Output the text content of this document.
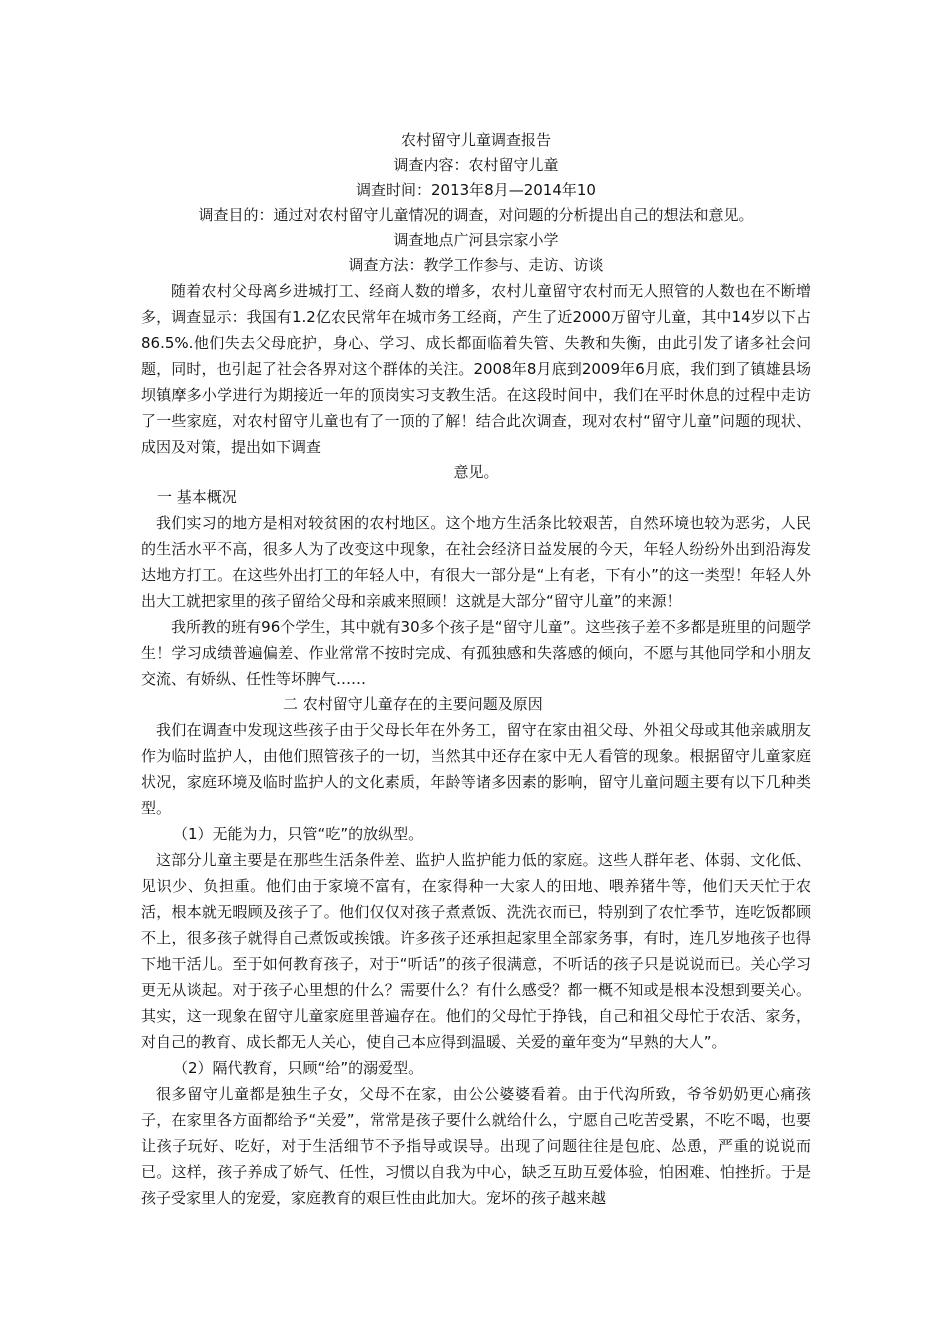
农村留守儿童调查报告
调查内容：农村留守儿童
调查时间：2013年8月—2014年10
调查目的：通过对农村留守儿童情况的调查，对问题的分析提出自己的想法和意见。
调查地点广河县宗家小学
调查方法：教学工作参与、走访、访谈

随着农村父母离乡进城打工、经商人数的增多，农村儿童留守农村而无人照管的人数也在不断增多，调查显示：我国有1.2亿农民常年在城市务工经商，产生了近2000万留守儿童，其中14岁以下占86.5%.他们失去父母庇护，身心、学习、成长都面临着失管、失教和失衡，由此引发了诸多社会问题，同时，也引起了社会各界对这个群体的关注。2008年8月底到2009年6月底，我们到了镇雄县场坝镇摩多小学进行为期接近一年的顶岗实习支教生活。在这段时间中，我们在平时休息的过程中走访了一些家庭，对农村留守儿童也有了一顶的了解！结合此次调查，现对农村“留守儿童”问题的现状、成因及对策，提出如下调查

意见。
一 基本概况

我们实习的地方是相对较贫困的农村地区。这个地方生活条比较艰苦，自然环境也较为恶劣，人民的生活水平不高，很多人为了改变这中现象，在社会经济日益发展的今天，年轻人纷纷外出到沿海发达地方打工。在这些外出打工的年轻人中，有很大一部分是“上有老，下有小”的这一类型！年轻人外出大工就把家里的孩子留给父母和亲戚来照顾！这就是大部分“留守儿童”的来源！

我所教的班有96个学生，其中就有30多个孩子是“留守儿童”。这些孩子差不多都是班里的问题学生！学习成绩普遍偏差、作业常常不按时完成、有孤独感和失落感的倾向，不愿与其他同学和小朋友交流、有娇纵、任性等坏脾气……

二 农村留守儿童存在的主要问题及原因

我们在调查中发现这些孩子由于父母长年在外务工，留守在家由祖父母、外祖父母或其他亲戚朋友作为临时监护人，由他们照管孩子的一切，当然其中还存在家中无人看管的现象。根据留守儿童家庭状况，家庭环境及临时监护人的文化素质，年龄等诸多因素的影响，留守儿童问题主要有以下几种类型。

（1）无能为力，只管“吃”的放纵型。

这部分儿童主要是在那些生活条件差、监护人监护能力低的家庭。这些人群年老、体弱、文化低、见识少、负担重。他们由于家境不富有，在家得种一大家人的田地、喂养猪牛等，他们天天忙于农活，根本就无暇顾及孩子了。他们仅仅对孩子煮煮饭、洗洗衣而已，特别到了农忙季节，连吃饭都顾不上，很多孩子就得自己煮饭或挨饿。许多孩子还承担起家里全部家务事，有时，连几岁地孩子也得下地干活儿。至于如何教育孩子，对于“听话”的孩子很满意，不听话的孩子只是说说而已。关心学习更无从谈起。对于孩子心里想的什么？需要什么？有什么感受？都一概不知或是根本没想到要关心。其实，这一现象在留守儿童家庭里普遍存在。他们的父母忙于挣钱，自己和祖父母忙于农活、家务，对自己的教育、成长都无人关心，使自己本应得到温暖、关爱的童年变为“早熟的大人”。

（2）隔代教育，只顾“给”的溺爱型。

很多留守儿童都是独生子女，父母不在家，由公公婆婆看着。由于代沟所致，爷爷奶奶更心痛孩子，在家里各方面都给予“关爱”，常常是孩子要什么就给什么，宁愿自己吃苦受累，不吃不喝，也要让孩子玩好、吃好，对于生活细节不予指导或误导。出现了问题往往是包庇、怂恿，严重的说说而已。这样，孩子养成了娇气、任性，习惯以自我为中心，缺乏互助互爱体验，怕困难、怕挫折。于是孩子受家里人的宠爱，家庭教育的艰巨性由此加大。宠坏的孩子越来越
